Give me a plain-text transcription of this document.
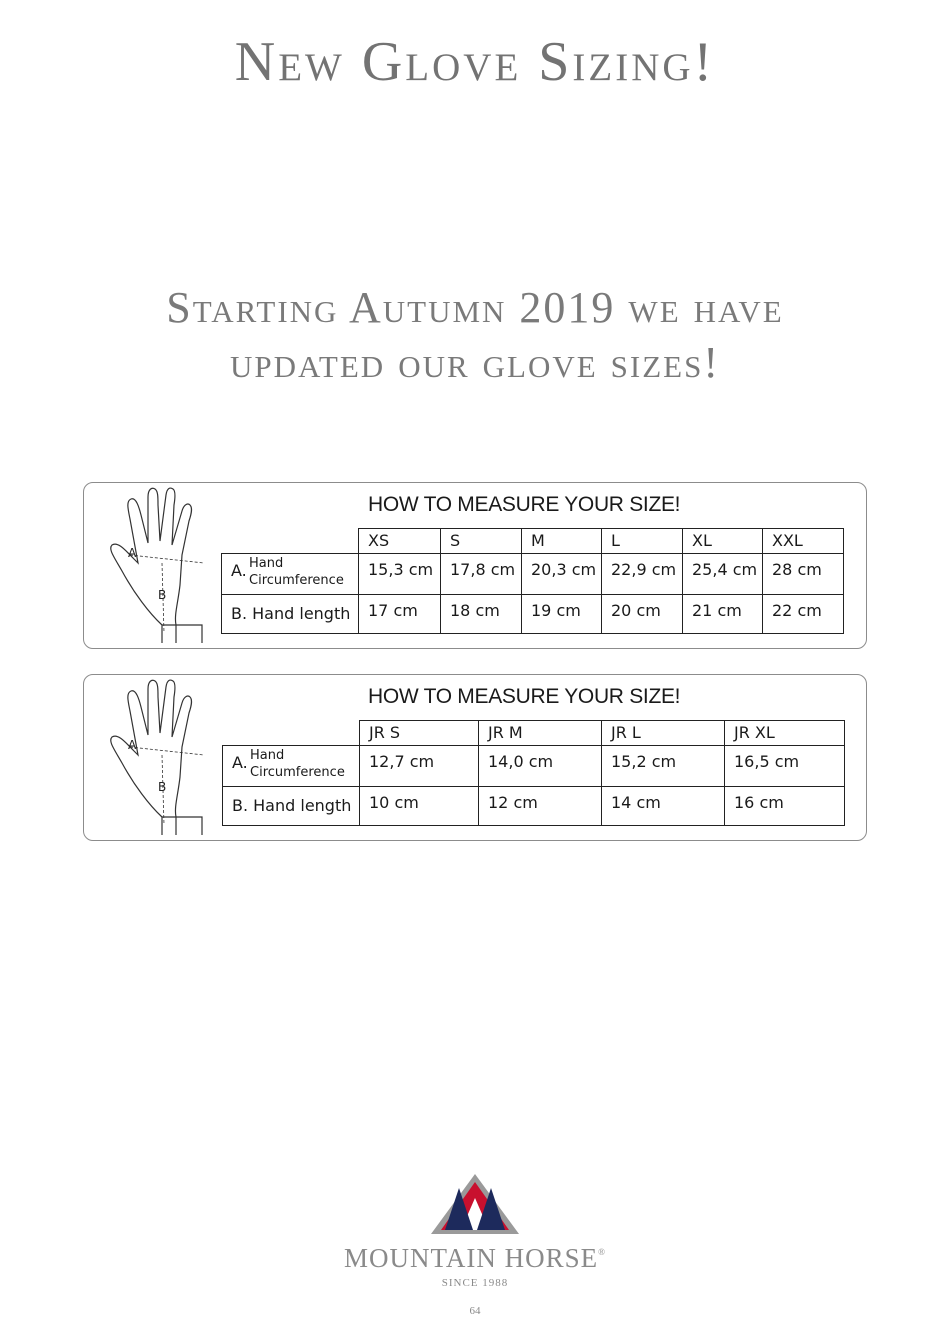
New Glove Sizing!
Starting Autumn 2019 we have
updated our glove sizes!
A
B
HOW TO MEASURE YOUR SIZE!
	XS	S	M	L	XL	XXL

A. Hand
Circumference	15,3 cm	17,8 cm	20,3 cm	22,9 cm	25,4 cm	28 cm
B. Hand length	17 cm	18 cm	19 cm	20 cm	21 cm	22 cm
A
B
HOW TO MEASURE YOUR SIZE!
	JR S	JR M	JR L	JR XL

A. Hand
Circumference	12,7 cm	14,0 cm	15,2 cm	16,5 cm
B. Hand length	10 cm	12 cm	14 cm	16 cm
MOUNTAIN HORSE®
SINCE 1988
64
